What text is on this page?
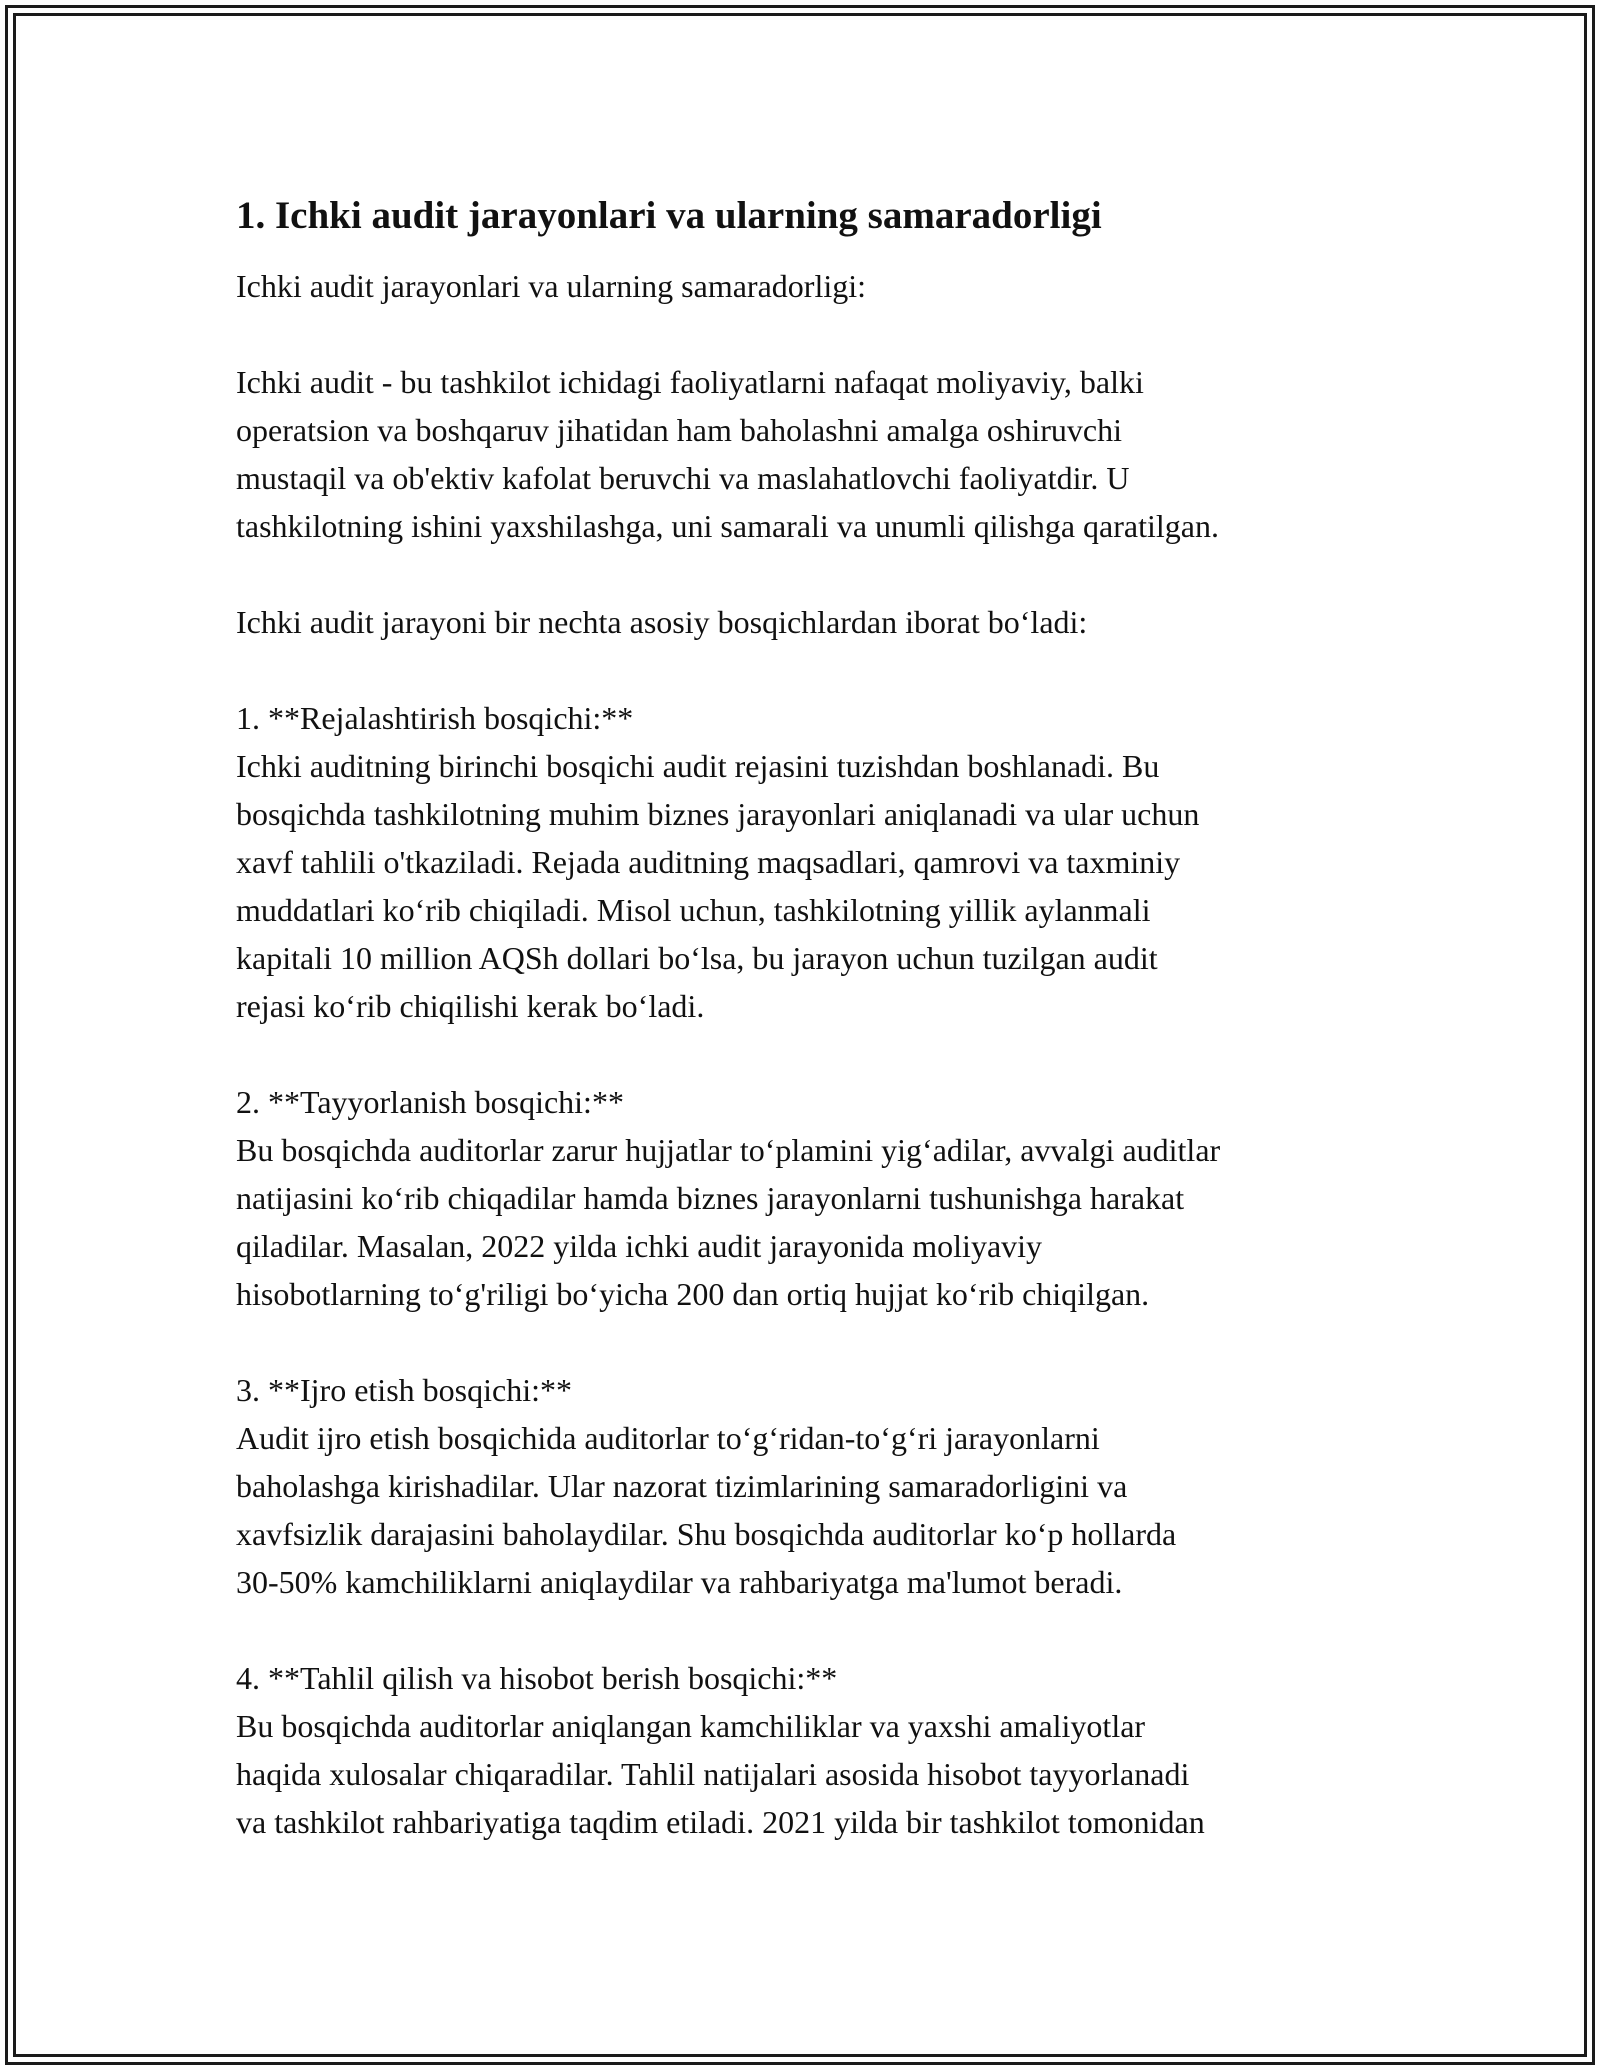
1. Ichki audit jarayonlari va ularning samaradorligi

Ichki audit jarayonlari va ularning samaradorligi:

Ichki audit - bu tashkilot ichidagi faoliyatlarni nafaqat moliyaviy, balki

operatsion va boshqaruv jihatidan ham baholashni amalga oshiruvchi

mustaqil va ob'ektiv kafolat beruvchi va maslahatlovchi faoliyatdir. U

tashkilotning ishini yaxshilashga, uni samarali va unumli qilishga qaratilgan.

Ichki audit jarayoni bir nechta asosiy bosqichlardan iborat bo‘ladi:

1. **Rejalashtirish bosqichi:**

Ichki auditning birinchi bosqichi audit rejasini tuzishdan boshlanadi. Bu

bosqichda tashkilotning muhim biznes jarayonlari aniqlanadi va ular uchun

xavf tahlili o'tkaziladi. Rejada auditning maqsadlari, qamrovi va taxminiy

muddatlari ko‘rib chiqiladi. Misol uchun, tashkilotning yillik aylanmali

kapitali 10 million AQSh dollari bo‘lsa, bu jarayon uchun tuzilgan audit

rejasi ko‘rib chiqilishi kerak bo‘ladi.

2. **Tayyorlanish bosqichi:**

Bu bosqichda auditorlar zarur hujjatlar to‘plamini yig‘adilar, avvalgi auditlar

natijasini ko‘rib chiqadilar hamda biznes jarayonlarni tushunishga harakat

qiladilar. Masalan, 2022 yilda ichki audit jarayonida moliyaviy

hisobotlarning to‘g'riligi bo‘yicha 200 dan ortiq hujjat ko‘rib chiqilgan.

3. **Ijro etish bosqichi:**

Audit ijro etish bosqichida auditorlar to‘g‘ridan-to‘g‘ri jarayonlarni

baholashga kirishadilar. Ular nazorat tizimlarining samaradorligini va

xavfsizlik darajasini baholaydilar. Shu bosqichda auditorlar ko‘p hollarda

30-50% kamchiliklarni aniqlaydilar va rahbariyatga ma'lumot beradi.

4. **Tahlil qilish va hisobot berish bosqichi:**

Bu bosqichda auditorlar aniqlangan kamchiliklar va yaxshi amaliyotlar

haqida xulosalar chiqaradilar. Tahlil natijalari asosida hisobot tayyorlanadi

va tashkilot rahbariyatiga taqdim etiladi. 2021 yilda bir tashkilot tomonidan
